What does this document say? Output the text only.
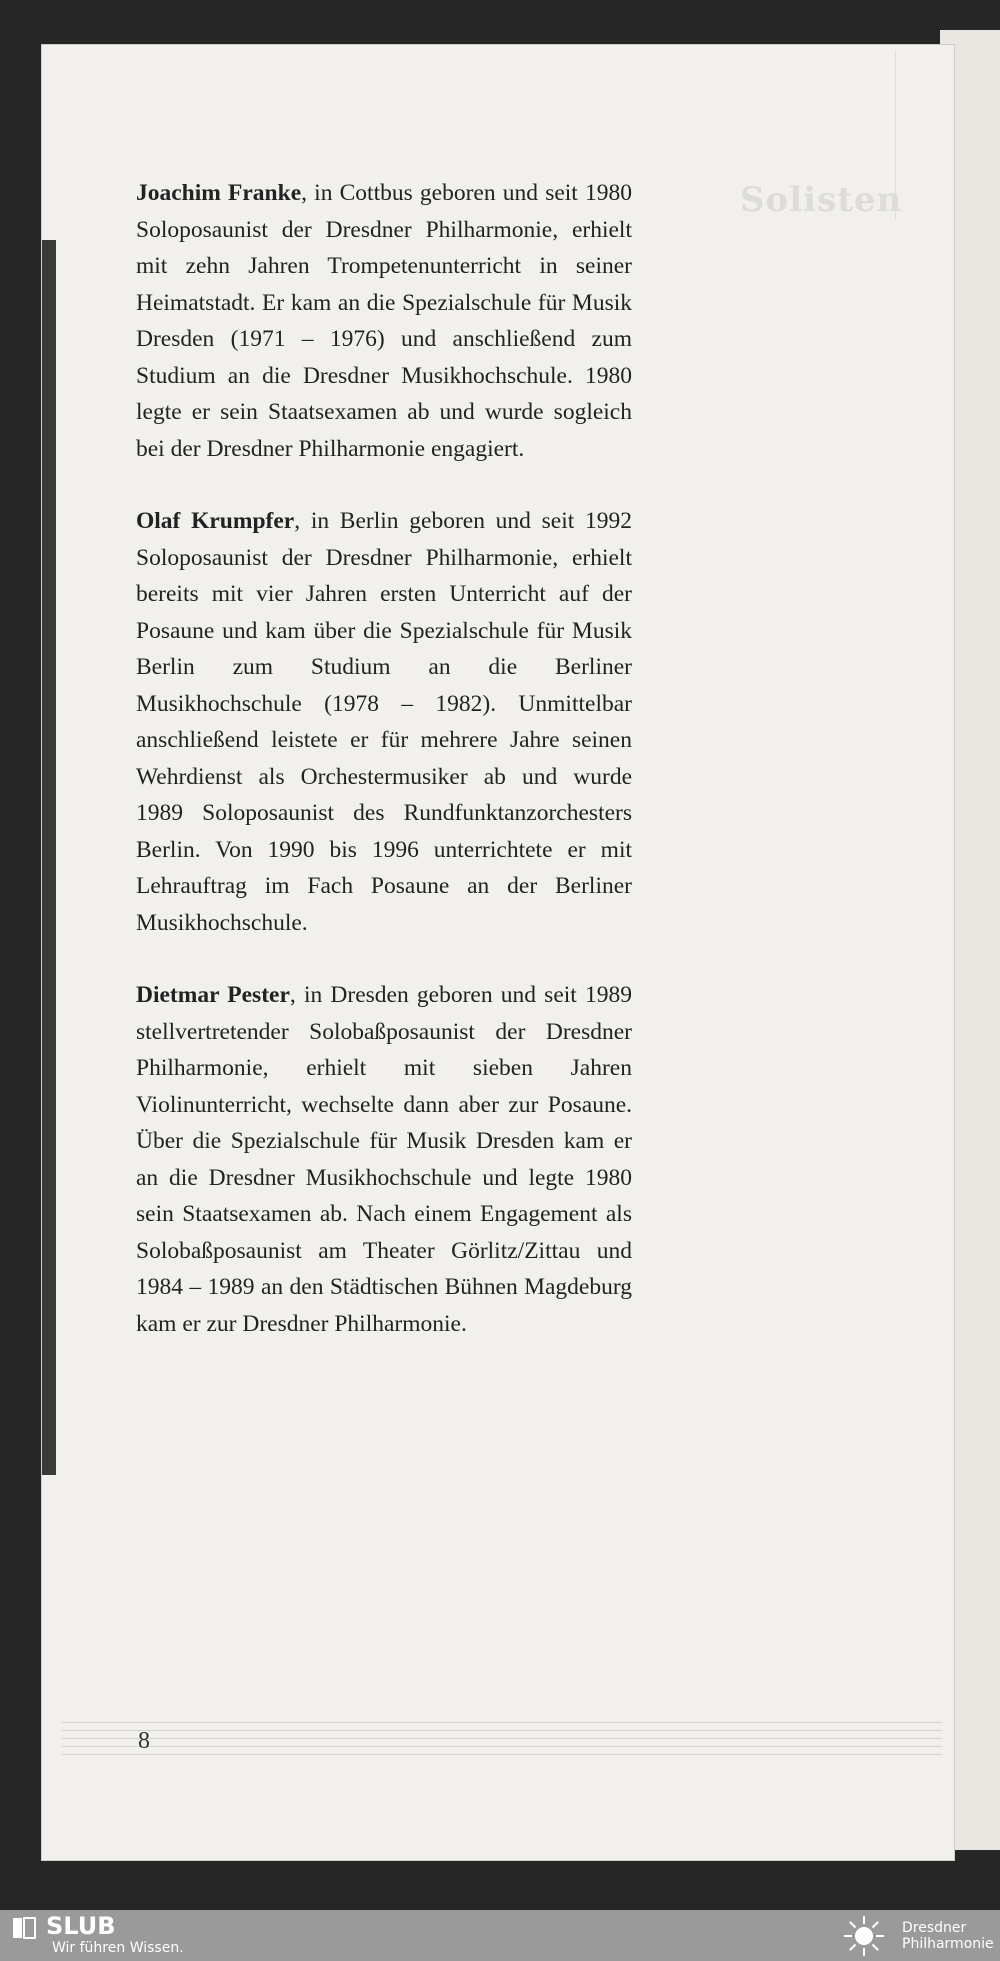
Solisten

Joachim Franke, in Cottbus geboren und seit 1980 Soloposaunist der Dresdner Philharmonie, erhielt mit zehn Jahren Trompetenunterricht in seiner Heimatstadt. Er kam an die Spezialschule für Musik Dresden (1971 – 1976) und anschließend zum Studium an die Dresdner Musikhochschule. 1980 legte er sein Staatsexamen ab und wurde sogleich bei der Dresdner Philharmonie engagiert.

Olaf Krumpfer, in Berlin geboren und seit 1992 Soloposaunist der Dresdner Philharmonie, erhielt bereits mit vier Jahren ersten Unterricht auf der Posaune und kam über die Spezialschule für Musik Berlin zum Studium an die Berliner Musikhochschule (1978 – 1982). Unmittelbar anschließend leistete er für mehrere Jahre seinen Wehrdienst als Orchestermusiker ab und wurde 1989 Soloposaunist des Rundfunktanzorchesters Berlin. Von 1990 bis 1996 unterrichtete er mit Lehrauftrag im Fach Posaune an der Berliner Musikhochschule.

Dietmar Pester, in Dresden geboren und seit 1989 stellvertretender Solobaßposaunist der Dresdner Philharmonie, erhielt mit sieben Jahren Violinunterricht, wechselte dann aber zur Posaune. Über die Spezialschule für Musik Dresden kam er an die Dresdner Musikhochschule und legte 1980 sein Staatsexamen ab. Nach einem Engagement als Solobaßposaunist am Theater Görlitz/Zittau und 1984 – 1989 an den Städtischen Bühnen Magdeburg kam er zur Dresdner Philharmonie.

8
SLUB
Wir führen Wissen.
Dresdner
Philharmonie
